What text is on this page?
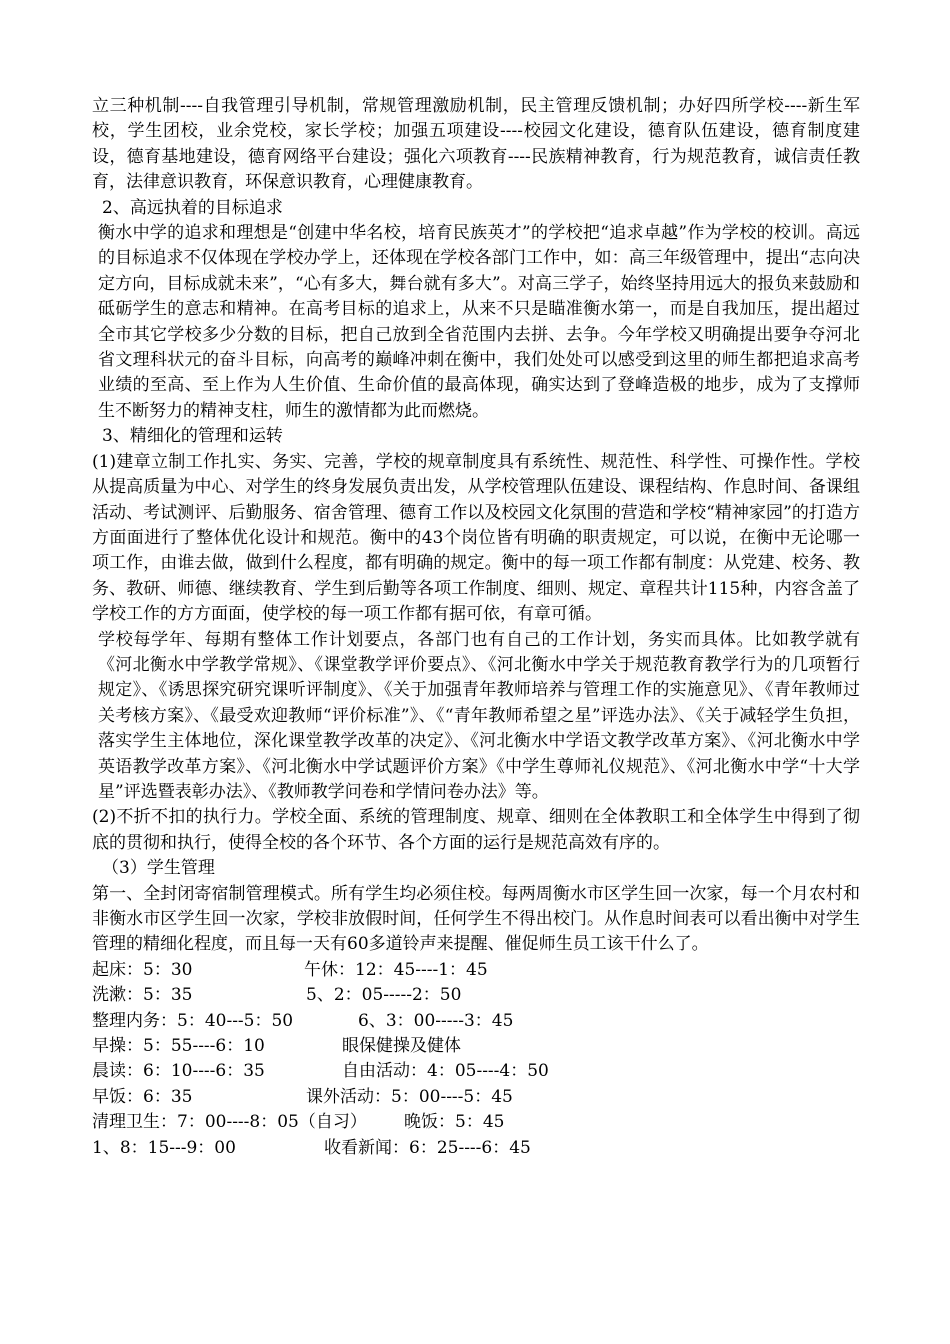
立三种机制----自我管理引导机制，常规管理激励机制，民主管理反馈机制；办好四所学校----新生军校，学生团校，业余党校，家长学校；加强五项建设----校园文化建设，德育队伍建设，德育制度建设，德育基地建设，德育网络平台建设；强化六项教育----民族精神教育，行为规范教育，诚信责任教育，法律意识教育，环保意识教育，心理健康教育。

2、高远执着的目标追求

衡水中学的追求和理想是“创建中华名校，培育民族英才”的学校把“追求卓越”作为学校的校训。高远的目标追求不仅体现在学校办学上，还体现在学校各部门工作中，如：高三年级管理中，提出“志向决定方向，目标成就未来”，“心有多大，舞台就有多大”。对高三学子，始终坚持用远大的报负来鼓励和砥砺学生的意志和精神。在高考目标的追求上，从来不只是瞄准衡水第一，而是自我加压，提出超过全市其它学校多少分数的目标，把自己放到全省范围内去拼、去争。今年学校又明确提出要争夺河北省文理科状元的奋斗目标，向高考的巅峰冲刺在衡中，我们处处可以感受到这里的师生都把追求高考业绩的至高、至上作为人生价值、生命价值的最高体现，确实达到了登峰造极的地步，成为了支撑师生不断努力的精神支柱，师生的激情都为此而燃烧。

3、精细化的管理和运转

(1)建章立制工作扎实、务实、完善，学校的规章制度具有系统性、规范性、科学性、可操作性。学校从提高质量为中心、对学生的终身发展负责出发，从学校管理队伍建设、课程结构、作息时间、备课组活动、考试测评、后勤服务、宿舍管理、德育工作以及校园文化氛围的营造和学校“精神家园”的打造方方面面进行了整体优化设计和规范。衡中的43个岗位皆有明确的职责规定，可以说，在衡中无论哪一项工作，由谁去做，做到什么程度，都有明确的规定。衡中的每一项工作都有制度：从党建、校务、教务、教研、师德、继续教育、学生到后勤等各项工作制度、细则、规定、章程共计115种，内容含盖了学校工作的方方面面，使学校的每一项工作都有据可依，有章可循。

学校每学年、每期有整体工作计划要点，各部门也有自己的工作计划，务实而具体。比如教学就有《河北衡水中学教学常规》、《课堂教学评价要点》、《河北衡水中学关于规范教育教学行为的几项暂行规定》、《诱思探究研究课听评制度》、《关于加强青年教师培养与管理工作的实施意见》、《青年教师过关考核方案》、《最受欢迎教师“评价标准”》、《“青年教师希望之星”评选办法》、《关于减轻学生负担，落实学生主体地位，深化课堂教学改革的决定》、《河北衡水中学语文教学改革方案》、《河北衡水中学英语教学改革方案》、《河北衡水中学试题评价方案》《中学生尊师礼仪规范》、《河北衡水中学“十大学星”评选暨表彰办法》、《教师教学问卷和学情问卷办法》等。

(2)不折不扣的执行力。学校全面、系统的管理制度、规章、细则在全体教职工和全体学生中得到了彻底的贯彻和执行，使得全校的各个环节、各个方面的运行是规范高效有序的。

（3）学生管理

第一、全封闭寄宿制管理模式。所有学生均必须住校。每两周衡水市区学生回一次家，每一个月农村和非衡水市区学生回一次家，学校非放假时间，任何学生不得出校门。从作息时间表可以看出衡中对学生管理的精细化程度，而且每一天有60多道铃声来提醒、催促师生员工该干什么了。

起床：5：30	午休：12：45----1：45
洗漱：5：35	5、2：05-----2：50
整理内务：5：40---5：50	6、3：00-----3：45
早操：5：55----6：10	眼保健操及健体
晨读：6：10----6：35	自由活动：4：05----4：50
早饭：6：35	课外活动：5：00----5：45
清理卫生：7：00----8：05（自习） 晚饭：5：45
1、8：15---9：00	收看新闻：6：25----6：45
